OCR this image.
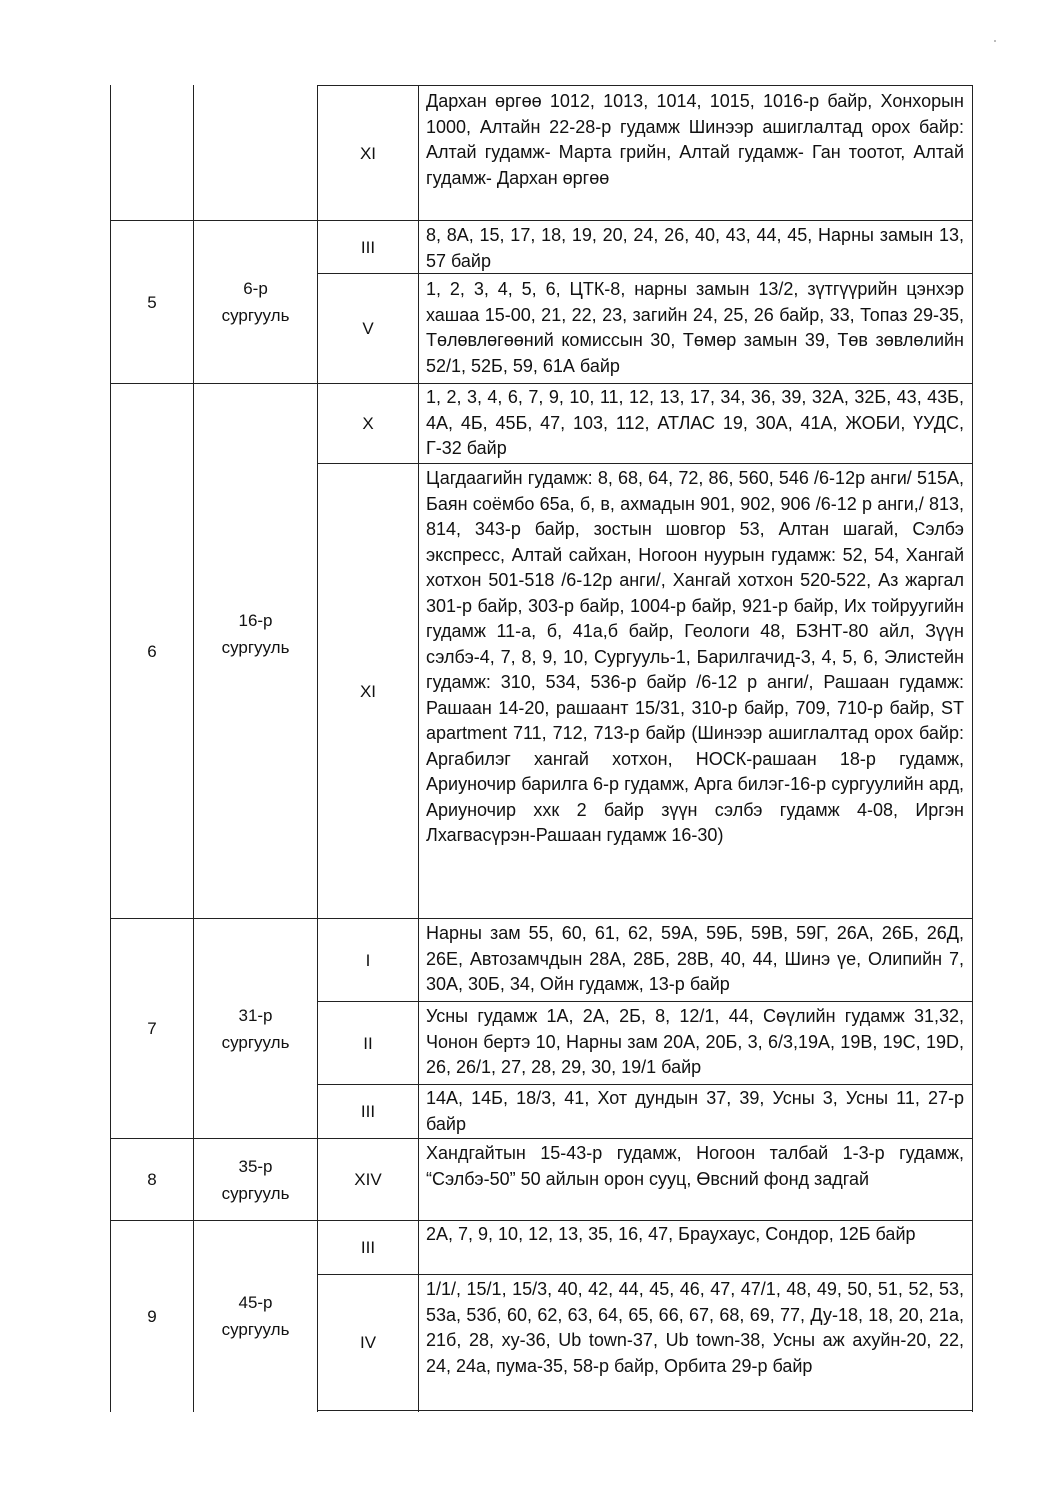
XI
Дархан өргөө 1012, 1013, 1014, 1015, 1016-р байр, Хонхорын 1000, Алтайн 22-28-р гудамж Шинээр ашиглалтад орох байр: Алтай гудамж- Марта грийн, Алтай гудамж- Ган тоотот, Алтай гудамж- Дархан өргөө
5
6-р сургууль
III
8, 8А, 15, 17, 18, 19, 20, 24, 26, 40, 43, 44, 45, Нарны замын 13, 57 байр
V
1, 2, 3, 4, 5, 6, ЦТК-8, нарны замын 13/2, зүтгүүрийн цэнхэр хашаа 15-00, 21, 22, 23, загийн 24, 25, 26 байр, 33, Топаз 29-35, Төлөвлөгөөний комиссын 30, Төмөр замын 39, Төв зөвлөлийн 52/1, 52Б, 59, 61А байр
6
16-р сургууль
X
1, 2, 3, 4, 6, 7, 9, 10, 11, 12, 13, 17, 34, 36, 39, 32А, 32Б, 43, 43Б, 4А, 4Б, 45Б, 47, 103, 112, АТЛАС 19, 30А, 41А, ЖОБИ, ҮУДС, Г-32 байр
XI
Цагдаагийн гудамж: 8, 68, 64, 72, 86, 560, 546 /6-12р анги/ 515А, Баян соёмбо 65а, б, в, ахмадын 901, 902, 906 /6-12 р анги,/ 813, 814, 343-р байр, зостын шовгор 53, Алтан шагай, Сэлбэ экспресс, Алтай сайхан, Ногоон нуурын гудамж: 52, 54, Хангай хотхон 501-518 /6-12р анги/, Хангай хотхон 520-522, Аз жаргал 301-р байр, 303-р байр, 1004-р байр, 921-р байр, Их тойруугийн гудамж 11-а, б, 41а,б байр, Геологи 48, БЗНТ-80 айл, Зүүн сэлбэ-4, 7, 8, 9, 10, Сургууль-1, Барилгачид-3, 4, 5, 6, Элистейн гудамж: 310, 534, 536-р байр /6-12 р анги/, Рашаан гудамж: Рашаан 14-20, рашаант 15/31, 310-р байр, 709, 710-р байр, ST apartment 711, 712, 713-р байр (Шинээр ашиглалтад орох байр: Аргабилэг хангай хотхон, НОСК-рашаан 18-р гудамж, Ариуночир барилга 6-р гудамж, Арга билэг-16-р сургуулийн ард, Ариуночир ххк 2 байр зүүн сэлбэ гудамж 4-08, Иргэн Лхагвасүрэн-Рашаан гудамж 16-30)
7
31-р сургууль
I
Нарны зам 55, 60, 61, 62, 59А, 59Б, 59В, 59Г, 26А, 26Б, 26Д, 26Е, Автозамчдын 28А, 28Б, 28В, 40, 44, Шинэ үе, Олипийн 7, 30А, 30Б, 34, Ойн гудамж, 13-р байр
II
Усны гудамж 1А, 2А, 2Б, 8, 12/1, 44, Сөүлийн гудамж 31,32, Чонон бертэ 10, Нарны зам 20А, 20Б, 3, 6/3,19А, 19В, 19С, 19D, 26, 26/1, 27, 28, 29, 30, 19/1 байр
III
14А, 14Б, 18/3, 41, Хот дундын 37, 39, Усны 3, Усны 11, 27-р байр
8
35-р сургууль
XIV
Хандгайтын 15-43-р гудамж, Ногоон талбай 1-3-р гудамж, “Сэлбэ-50” 50 айлын орон сууц, Өвсний фонд задгай
9
45-р сургууль
III
2А, 7, 9, 10, 12, 13, 35, 16, 47, Браухаус, Сондор, 12Б байр
IV
1/1/, 15/1, 15/3, 40, 42, 44, 45, 46, 47, 47/1, 48, 49, 50, 51, 52, 53, 53а, 53б, 60, 62, 63, 64, 65, 66, 67, 68, 69, 77, Ду-18, 18, 20, 21а, 21б, 28, ху-36, Ub town-37, Ub town-38, Усны аж ахуйн-20, 22, 24, 24а, пума-35, 58-р байр, Орбита 29-р байр
